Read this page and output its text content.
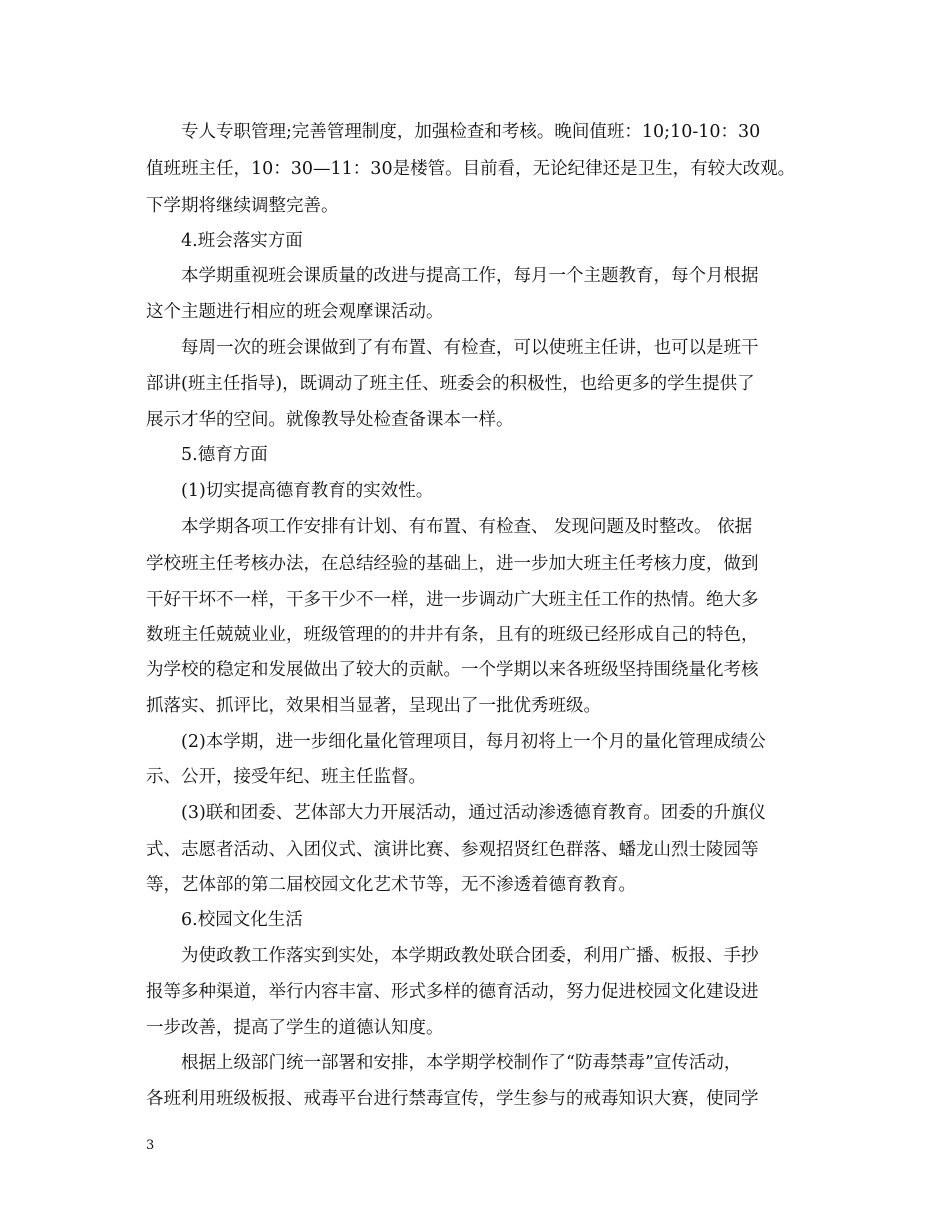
专人专职管理;完善管理制度，加强检查和考核。晚间值班：10;10-10：30

值班班主任，10：30—11：30是楼管。目前看，无论纪律还是卫生，有较大改观。

下学期将继续调整完善。

4.班会落实方面

本学期重视班会课质量的改进与提高工作，每月一个主题教育，每个月根据

这个主题进行相应的班会观摩课活动。

每周一次的班会课做到了有布置、有检查，可以使班主任讲，也可以是班干

部讲(班主任指导)，既调动了班主任、班委会的积极性，也给更多的学生提供了

展示才华的空间。就像教导处检查备课本一样。

5.德育方面

(1)切实提高德育教育的实效性。

本学期各项工作安排有计划、有布置、有检查、 发现问题及时整改。 依据

学校班主任考核办法，在总结经验的基础上，进一步加大班主任考核力度，做到

干好干坏不一样，干多干少不一样，进一步调动广大班主任工作的热情。绝大多

数班主任兢兢业业，班级管理的的井井有条，且有的班级已经形成自己的特色，

为学校的稳定和发展做出了较大的贡献。一个学期以来各班级坚持围绕量化考核

抓落实、抓评比，效果相当显著，呈现出了一批优秀班级。

(2)本学期，进一步细化量化管理项目，每月初将上一个月的量化管理成绩公

示、公开，接受年纪、班主任监督。

(3)联和团委、艺体部大力开展活动，通过活动渗透德育教育。团委的升旗仪

式、志愿者活动、入团仪式、演讲比赛、参观招贤红色群落、蟠龙山烈士陵园等

等，艺体部的第二届校园文化艺术节等，无不渗透着德育教育。

6.校园文化生活

为使政教工作落实到实处，本学期政教处联合团委，利用广播、板报、手抄

报等多种渠道，举行内容丰富、形式多样的德育活动，努力促进校园文化建设进

一步改善，提高了学生的道德认知度。

根据上级部门统一部署和安排，本学期学校制作了“防毒禁毒”宣传活动，

各班利用班级板报、戒毒平台进行禁毒宣传，学生参与的戒毒知识大赛，使同学

3
